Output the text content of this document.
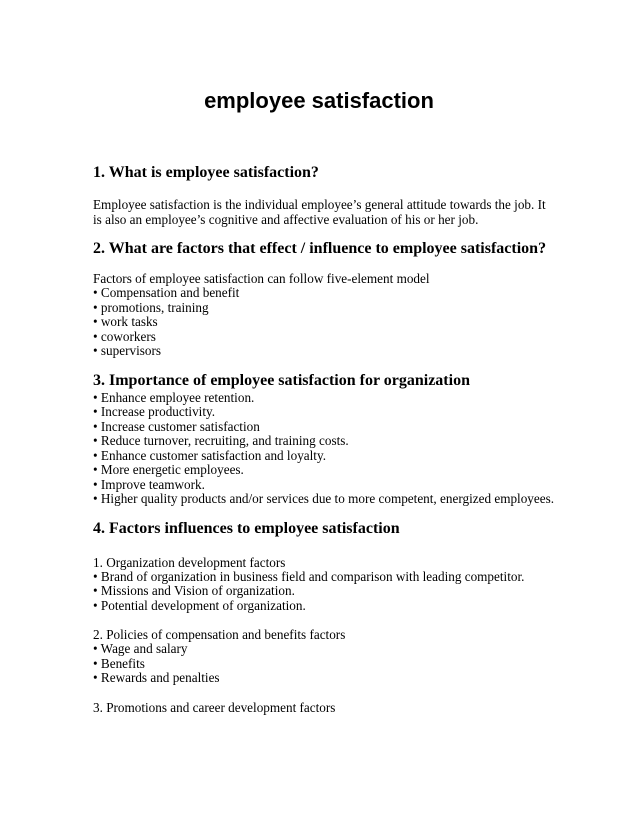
employee satisfaction
1. What is employee satisfaction?

Employee satisfaction is the individual employee’s general attitude towards the job. It is also an employee’s cognitive and affective evaluation of his or her job.

2. What are factors that effect / influence to employee satisfaction?

Factors of employee satisfaction can follow five-element model

• Compensation and benefit
• promotions, training
• work tasks
• coworkers
• supervisors
3. Importance of employee satisfaction for organization
• Enhance employee retention.
• Increase productivity.
• Increase customer satisfaction
• Reduce turnover, recruiting, and training costs.
• Enhance customer satisfaction and loyalty.
• More energetic employees.
• Improve teamwork.
• Higher quality products and/or services due to more competent, energized employees.
4. Factors influences to employee satisfaction

1. Organization development factors

• Brand of organization in business field and comparison with leading competitor.
• Missions and Vision of organization.
• Potential development of organization.

2. Policies of compensation and benefits factors

• Wage and salary
• Benefits
• Rewards and penalties

3. Promotions and career development factors
